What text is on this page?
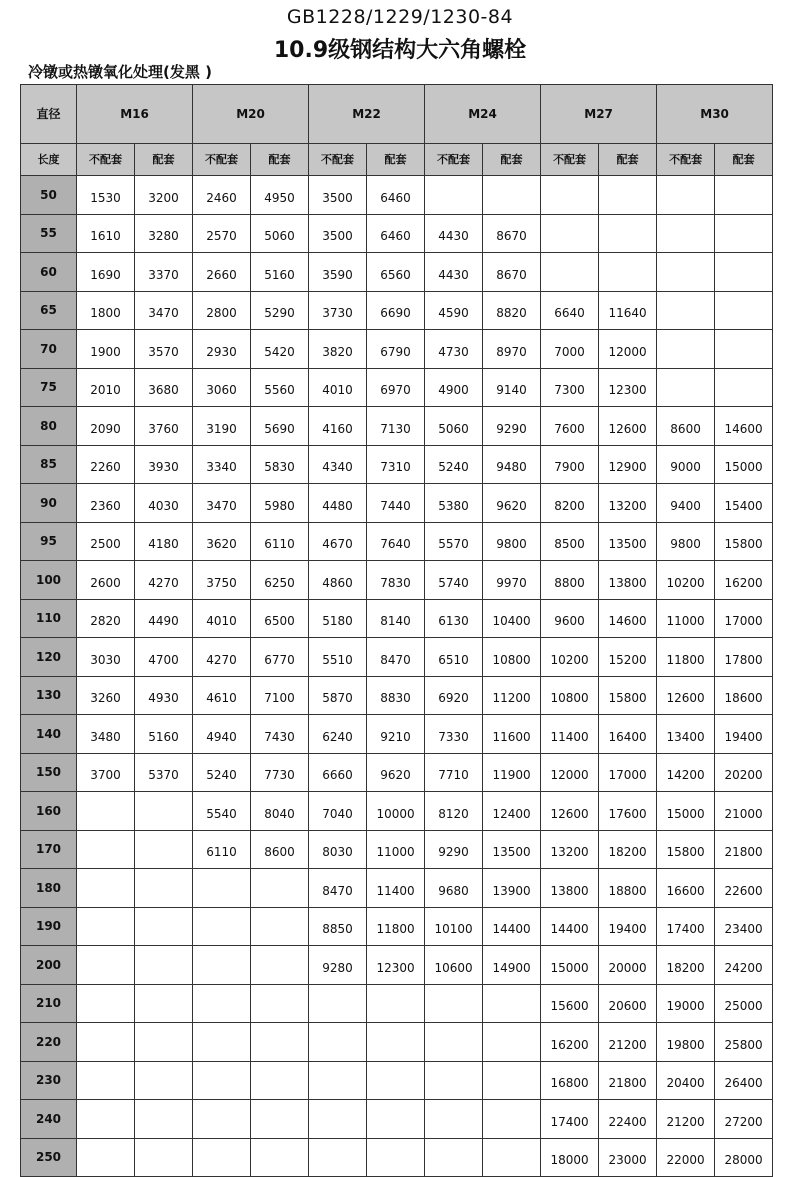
GB1228/1229/1230-84
10.9级钢结构大六角螺栓
冷镦或热镦氧化处理(发黑 )
直径	M16		M20		M22		M24		M27		M30	
长度	不配套	配套	不配套	配套	不配套	配套	不配套	配套	不配套	配套	不配套	配套
50	1530	3200	2460	4950	3500	6460						
55	1610	3280	2570	5060	3500	6460	4430	8670				
60	1690	3370	2660	5160	3590	6560	4430	8670				
65	1800	3470	2800	5290	3730	6690	4590	8820	6640	11640		
70	1900	3570	2930	5420	3820	6790	4730	8970	7000	12000		
75	2010	3680	3060	5560	4010	6970	4900	9140	7300	12300		
80	2090	3760	3190	5690	4160	7130	5060	9290	7600	12600	8600	14600
85	2260	3930	3340	5830	4340	7310	5240	9480	7900	12900	9000	15000
90	2360	4030	3470	5980	4480	7440	5380	9620	8200	13200	9400	15400
95	2500	4180	3620	6110	4670	7640	5570	9800	8500	13500	9800	15800
100	2600	4270	3750	6250	4860	7830	5740	9970	8800	13800	10200	16200
110	2820	4490	4010	6500	5180	8140	6130	10400	9600	14600	11000	17000
120	3030	4700	4270	6770	5510	8470	6510	10800	10200	15200	11800	17800
130	3260	4930	4610	7100	5870	8830	6920	11200	10800	15800	12600	18600
140	3480	5160	4940	7430	6240	9210	7330	11600	11400	16400	13400	19400
150	3700	5370	5240	7730	6660	9620	7710	11900	12000	17000	14200	20200
160			5540	8040	7040	10000	8120	12400	12600	17600	15000	21000
170			6110	8600	8030	11000	9290	13500	13200	18200	15800	21800
180					8470	11400	9680	13900	13800	18800	16600	22600
190					8850	11800	10100	14400	14400	19400	17400	23400
200					9280	12300	10600	14900	15000	20000	18200	24200
210									15600	20600	19000	25000
220									16200	21200	19800	25800
230									16800	21800	20400	26400
240									17400	22400	21200	27200
250									18000	23000	22000	28000
